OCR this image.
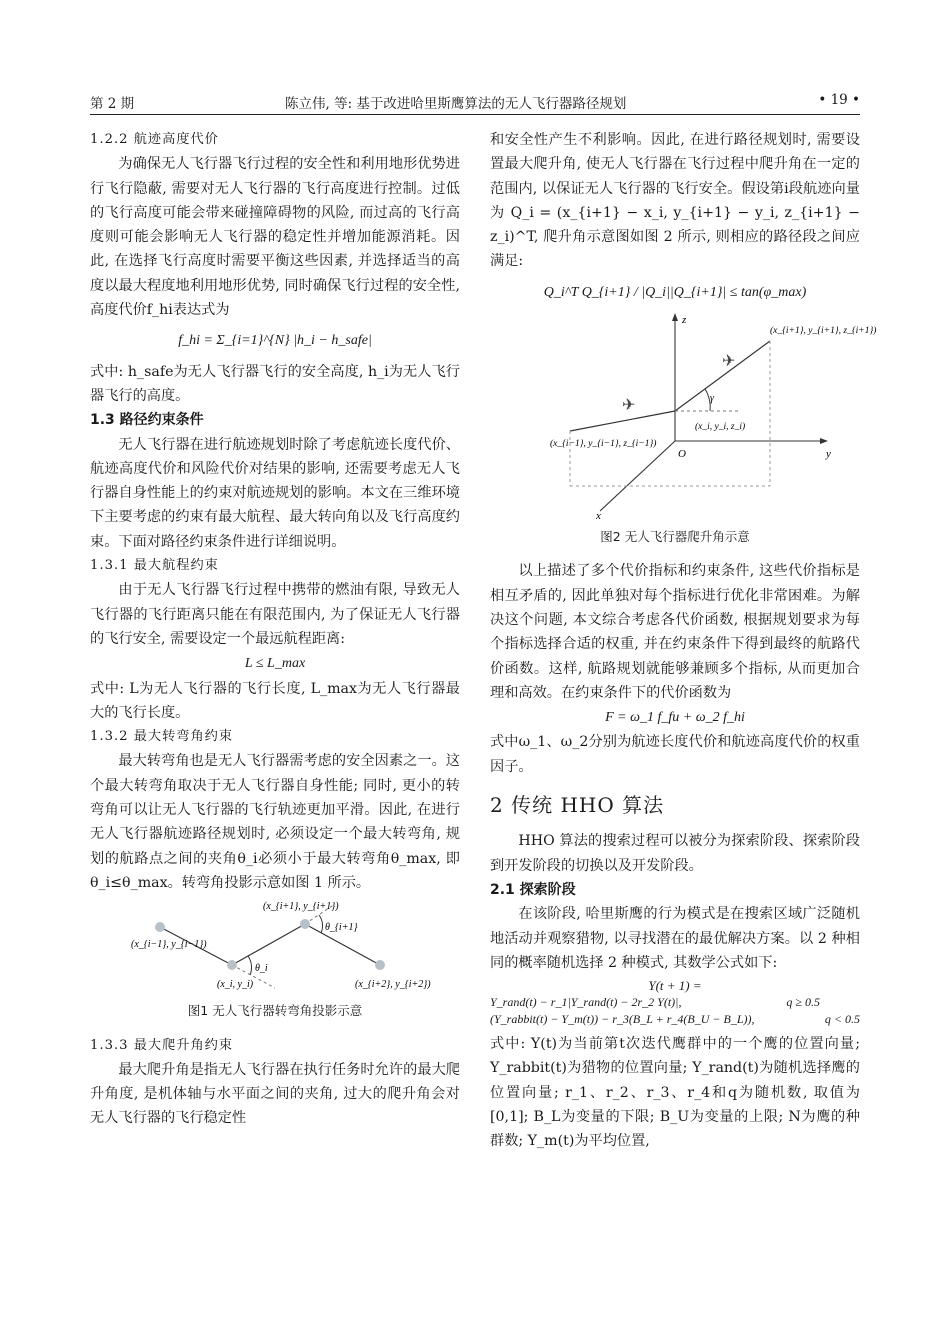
第 2 期	陈立伟, 等: 基于改进哈里斯鹰算法的无人飞行器路径规划	• 19 •

1.2.2 航迹高度代价

为确保无人飞行器飞行过程的安全性和利用地形优势进行飞行隐蔽, 需要对无人飞行器的飞行高度进行控制。过低的飞行高度可能会带来碰撞障碍物的风险, 而过高的飞行高度则可能会影响无人飞行器的稳定性并增加能源消耗。因此, 在选择飞行高度时需要平衡这些因素, 并选择适当的高度以最大程度地利用地形优势, 同时确保飞行过程的安全性, 高度代价f_hi表达式为

f_hi = Σ_{i=1}^{N} |h_i − h_safe|

式中: h_safe为无人飞行器飞行的安全高度, h_i为无人飞行器飞行的高度。

1.3 路径约束条件

无人飞行器在进行航迹规划时除了考虑航迹长度代价、航迹高度代价和风险代价对结果的影响, 还需要考虑无人飞行器自身性能上的约束对航迹规划的影响。本文在三维环境下主要考虑的约束有最大航程、最大转向角以及飞行高度约束。下面对路径约束条件进行详细说明。

1.3.1 最大航程约束

由于无人飞行器飞行过程中携带的燃油有限, 导致无人飞行器的飞行距离只能在有限范围内, 为了保证无人飞行器的飞行安全, 需要设定一个最远航程距离:

L ≤ L_max

式中: L为无人飞行器的飞行长度, L_max为无人飞行器最大的飞行长度。

1.3.2 最大转弯角约束

最大转弯角也是无人飞行器需考虑的安全因素之一。这个最大转弯角取决于无人飞行器自身性能; 同时, 更小的转弯角可以让无人飞行器的飞行轨迹更加平滑。因此, 在进行无人飞行器航迹路径规划时, 必须设定一个最大转弯角, 规划的航路点之间的夹角θ_i必须小于最大转弯角θ_max, 即 θ_i≤θ_max。转弯角投影示意如图 1 所示。

(x_{i−1}, y_{i−1})
(x_i, y_i)
(x_{i+1}, y_{i+1})
(x_{i+2}, y_{i+2})
θ_i
θ_{i+1}

图1 无人飞行器转弯角投影示意

1.3.3 最大爬升角约束

最大爬升角是指无人飞行器在执行任务时允许的最大爬升角度, 是机体轴与水平面之间的夹角, 过大的爬升角会对无人飞行器的飞行稳定性

和安全性产生不利影响。因此, 在进行路径规划时, 需要设置最大爬升角, 使无人飞行器在飞行过程中爬升角在一定的范围内, 以保证无人飞行器的飞行安全。假设第i段航迹向量为 Q_i = (x_{i+1} − x_i, y_{i+1} − y_i, z_{i+1} − z_i)^T, 爬升角示意图如图 2 所示, 则相应的路径段之间应满足:

Q_i^T Q_{i+1} / |Q_i||Q_{i+1}| ≤ tan(φ_max)
✈
✈
z
y
x
O
(x_{i−1}, y_{i−1}, z_{i−1})
(x_i, y_i, z_i)
(x_{i+1}, y_{i+1}, z_{i+1})
γ

图2 无人飞行器爬升角示意

以上描述了多个代价指标和约束条件, 这些代价指标是相互矛盾的, 因此单独对每个指标进行优化非常困难。为解决这个问题, 本文综合考虑各代价函数, 根据规划要求为每个指标选择合适的权重, 并在约束条件下得到最终的航路代价函数。这样, 航路规划就能够兼顾多个指标, 从而更加合理和高效。在约束条件下的代价函数为

F = ω_1 f_fu + ω_2 f_hi

式中ω_1、ω_2分别为航迹长度代价和航迹高度代价的权重因子。

2 传统 HHO 算法

HHO 算法的搜索过程可以被分为探索阶段、探索阶段到开发阶段的切换以及开发阶段。

2.1 探索阶段

在该阶段, 哈里斯鹰的行为模式是在搜索区域广泛随机地活动并观察猎物, 以寻找潜在的最优解决方案。以 2 种相同的概率随机选择 2 种模式, 其数学公式如下:

Y(t + 1) =
Y_rand(t) − r_1|Y_rand(t) − 2r_2 Y(t)|,	q ≥ 0.5
(Y_rabbit(t) − Y_m(t)) − r_3(B_L + r_4(B_U − B_L)),	q < 0.5

式中: Y(t)为当前第t次迭代鹰群中的一个鹰的位置向量; Y_rabbit(t)为猎物的位置向量; Y_rand(t)为随机选择鹰的位置向量; r_1、r_2、r_3、r_4和q为随机数, 取值为[0,1]; B_L为变量的下限; B_U为变量的上限; N为鹰的种群数; Y_m(t)为平均位置,
